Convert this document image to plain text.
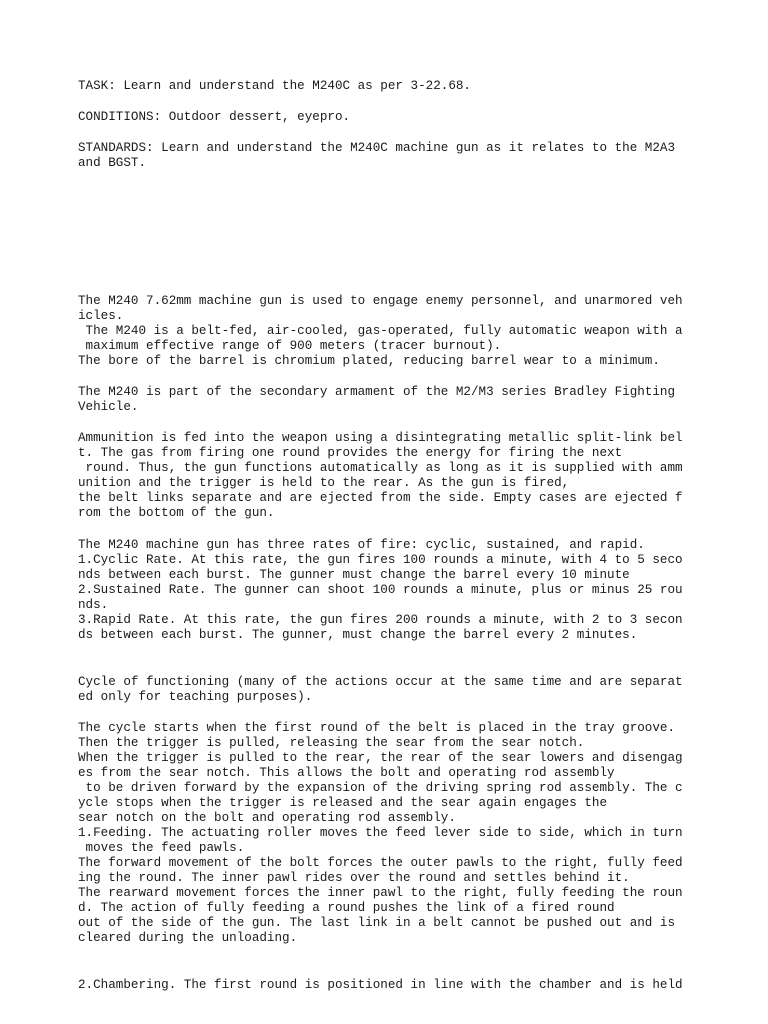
TASK: Learn and understand the M240C as per 3-22.68.

CONDITIONS: Outdoor dessert, eyepro.

STANDARDS: Learn and understand the M240C machine gun as it relates to the M2A3

and BGST.

The M240 7.62mm machine gun is used to engage enemy personnel, and unarmored veh

icles.

The M240 is a belt-fed, air-cooled, gas-operated, fully automatic weapon with a

maximum effective range of 900 meters (tracer burnout).

The bore of the barrel is chromium plated, reducing barrel wear to a minimum.

The M240 is part of the secondary armament of the M2/M3 series Bradley Fighting

Vehicle.

Ammunition is fed into the weapon using a disintegrating metallic split-link bel

t. The gas from firing one round provides the energy for firing the next

round. Thus, the gun functions automatically as long as it is supplied with amm

unition and the trigger is held to the rear. As the gun is fired,

the belt links separate and are ejected from the side. Empty cases are ejected f

rom the bottom of the gun.

The M240 machine gun has three rates of fire: cyclic, sustained, and rapid.

1.Cyclic Rate. At this rate, the gun fires 100 rounds a minute, with 4 to 5 seco

nds between each burst. The gunner must change the barrel every 10 minute

2.Sustained Rate. The gunner can shoot 100 rounds a minute, plus or minus 25 rou

nds.

3.Rapid Rate. At this rate, the gun fires 200 rounds a minute, with 2 to 3 secon

ds between each burst. The gunner, must change the barrel every 2 minutes.

Cycle of functioning (many of the actions occur at the same time and are separat

ed only for teaching purposes).

The cycle starts when the first round of the belt is placed in the tray groove.

Then the trigger is pulled, releasing the sear from the sear notch.

When the trigger is pulled to the rear, the rear of the sear lowers and disengag

es from the sear notch. This allows the bolt and operating rod assembly

to be driven forward by the expansion of the driving spring rod assembly. The c

ycle stops when the trigger is released and the sear again engages the

sear notch on the bolt and operating rod assembly.

1.Feeding. The actuating roller moves the feed lever side to side, which in turn

moves the feed pawls.

The forward movement of the bolt forces the outer pawls to the right, fully feed

ing the round. The inner pawl rides over the round and settles behind it.

The rearward movement forces the inner pawl to the right, fully feeding the roun

d. The action of fully feeding a round pushes the link of a fired round

out of the side of the gun. The last link in a belt cannot be pushed out and is

cleared during the unloading.

2.Chambering. The first round is positioned in line with the chamber and is held
